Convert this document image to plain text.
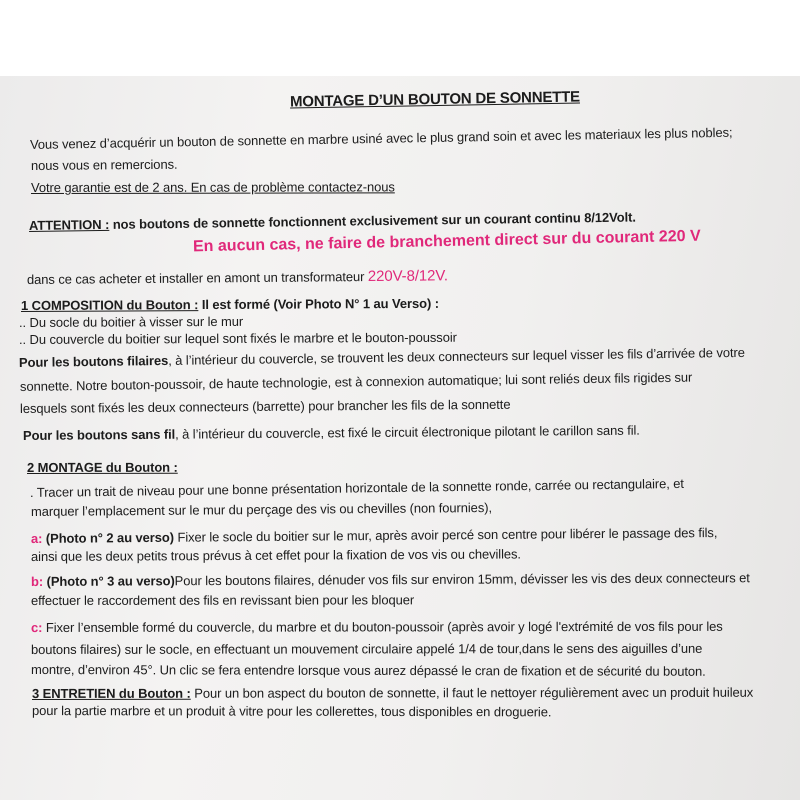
MONTAGE D’UN BOUTON DE SONNETTE
Vous venez d’acquérir un bouton de sonnette en marbre usiné avec le plus grand soin et avec les materiaux les plus nobles;
nous vous en remercions.
Votre garantie est de 2 ans. En cas de problème contactez-nous
ATTENTION : nos boutons de sonnette fonctionnent exclusivement sur un courant continu 8/12Volt.
En aucun cas, ne faire de branchement direct sur du courant 220 V
dans ce cas acheter et installer en amont un transformateur 220V-8/12V.
1 COMPOSITION du Bouton : Il est formé (Voir Photo N° 1 au Verso) :
.. Du socle du boitier à visser sur le mur
.. Du couvercle du boitier sur lequel sont fixés le marbre et le bouton-poussoir
Pour les boutons filaires, à l’intérieur du couvercle, se trouvent les deux connecteurs sur lequel visser les fils d’arrivée de votre
sonnette. Notre bouton-poussoir, de haute technologie, est à connexion automatique; lui sont reliés deux fils rigides sur
lesquels sont fixés les deux connecteurs (barrette) pour brancher les fils de la sonnette
Pour les boutons sans fil, à l’intérieur du couvercle, est fixé le circuit électronique pilotant le carillon sans fil.
2 MONTAGE du Bouton :
. Tracer un trait de niveau pour une bonne présentation horizontale de la sonnette ronde, carrée ou rectangulaire, et
marquer l’emplacement sur le mur du perçage des vis ou chevilles (non fournies),
a: (Photo n° 2 au verso) Fixer le socle du boitier sur le mur, après avoir percé son centre pour libérer le passage des fils,
ainsi que les deux petits trous prévus à cet effet pour la fixation de vos vis ou chevilles.
b: (Photo n° 3 au verso)Pour les boutons filaires, dénuder vos fils sur environ 15mm, dévisser les vis des deux connecteurs et
effectuer le raccordement des fils en revissant bien pour les bloquer
c: Fixer l’ensemble formé du couvercle, du marbre et du bouton-poussoir (après avoir y logé l'extrémité de vos fils pour les
boutons filaires) sur le socle, en effectuant un mouvement circulaire appelé 1/4 de tour,dans le sens des aiguilles d’une
montre, d’environ 45°. Un clic se fera entendre lorsque vous aurez dépassé le cran de fixation et de sécurité du bouton.
3 ENTRETIEN du Bouton : Pour un bon aspect du bouton de sonnette, il faut le nettoyer régulièrement avec un produit huileux
pour la partie marbre et un produit à vitre pour les collerettes, tous disponibles en droguerie.
